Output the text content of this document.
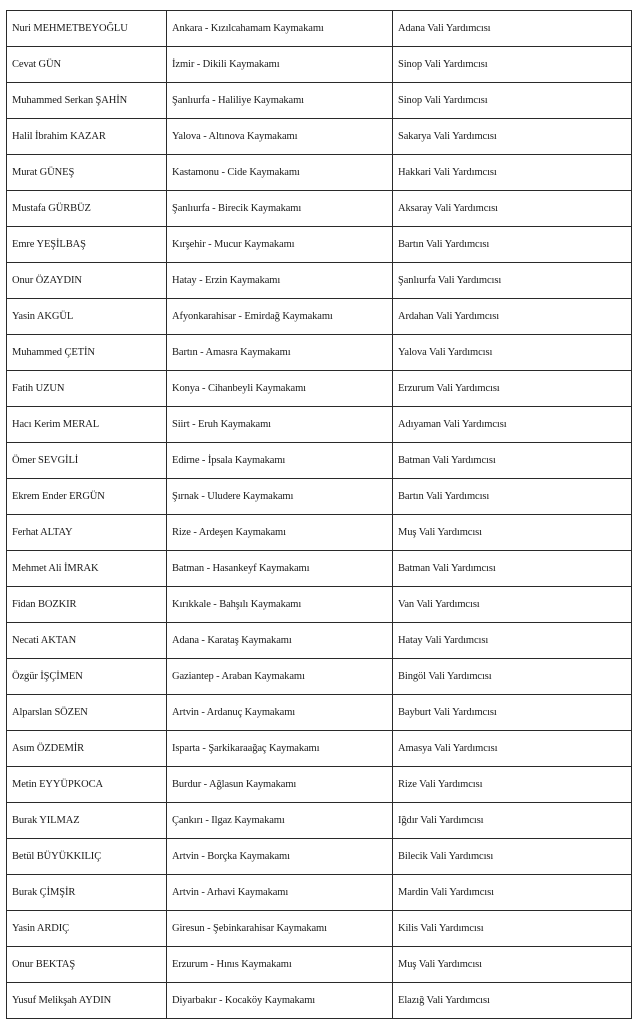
Nuri MEHMETBEYOĞLU	Ankara - Kızılcahamam Kaymakamı	Adana Vali Yardımcısı
Cevat GÜN	İzmir - Dikili Kaymakamı	Sinop Vali Yardımcısı
Muhammed Serkan ŞAHİN	Şanlıurfa - Haliliye Kaymakamı	Sinop Vali Yardımcısı
Halil İbrahim KAZAR	Yalova - Altınova Kaymakamı	Sakarya Vali Yardımcısı
Murat GÜNEŞ	Kastamonu - Cide Kaymakamı	Hakkari Vali Yardımcısı
Mustafa GÜRBÜZ	Şanlıurfa - Birecik Kaymakamı	Aksaray Vali Yardımcısı
Emre YEŞİLBAŞ	Kırşehir - Mucur Kaymakamı	Bartın Vali Yardımcısı
Onur ÖZAYDIN	Hatay - Erzin Kaymakamı	Şanlıurfa Vali Yardımcısı
Yasin AKGÜL	Afyonkarahisar - Emirdağ Kaymakamı	Ardahan Vali Yardımcısı
Muhammed ÇETİN	Bartın - Amasra Kaymakamı	Yalova Vali Yardımcısı
Fatih UZUN	Konya - Cihanbeyli Kaymakamı	Erzurum Vali Yardımcısı
Hacı Kerim MERAL	Siirt - Eruh Kaymakamı	Adıyaman Vali Yardımcısı
Ömer SEVGİLİ	Edirne - İpsala Kaymakamı	Batman Vali Yardımcısı
Ekrem Ender ERGÜN	Şırnak - Uludere Kaymakamı	Bartın Vali Yardımcısı
Ferhat ALTAY	Rize - Ardeşen Kaymakamı	Muş Vali Yardımcısı
Mehmet Ali İMRAK	Batman - Hasankeyf Kaymakamı	Batman Vali Yardımcısı
Fidan BOZKIR	Kırıkkale - Bahşılı Kaymakamı	Van Vali Yardımcısı
Necati AKTAN	Adana - Karataş Kaymakamı	Hatay Vali Yardımcısı
Özgür İŞÇİMEN	Gaziantep - Araban Kaymakamı	Bingöl Vali Yardımcısı
Alparslan SÖZEN	Artvin - Ardanuç Kaymakamı	Bayburt Vali Yardımcısı
Asım ÖZDEMİR	Isparta - Şarkikaraağaç Kaymakamı	Amasya Vali Yardımcısı
Metin EYYÜPKOCA	Burdur - Ağlasun Kaymakamı	Rize Vali Yardımcısı
Burak YILMAZ	Çankırı - Ilgaz Kaymakamı	Iğdır Vali Yardımcısı
Betül BÜYÜKKILIÇ	Artvin - Borçka Kaymakamı	Bilecik Vali Yardımcısı
Burak ÇİMŞİR	Artvin - Arhavi Kaymakamı	Mardin Vali Yardımcısı
Yasin ARDIÇ	Giresun - Şebinkarahisar Kaymakamı	Kilis Vali Yardımcısı
Onur BEKTAŞ	Erzurum - Hınıs Kaymakamı	Muş Vali Yardımcısı
Yusuf Melikşah AYDIN	Diyarbakır - Kocaköy Kaymakamı	Elazığ Vali Yardımcısı
